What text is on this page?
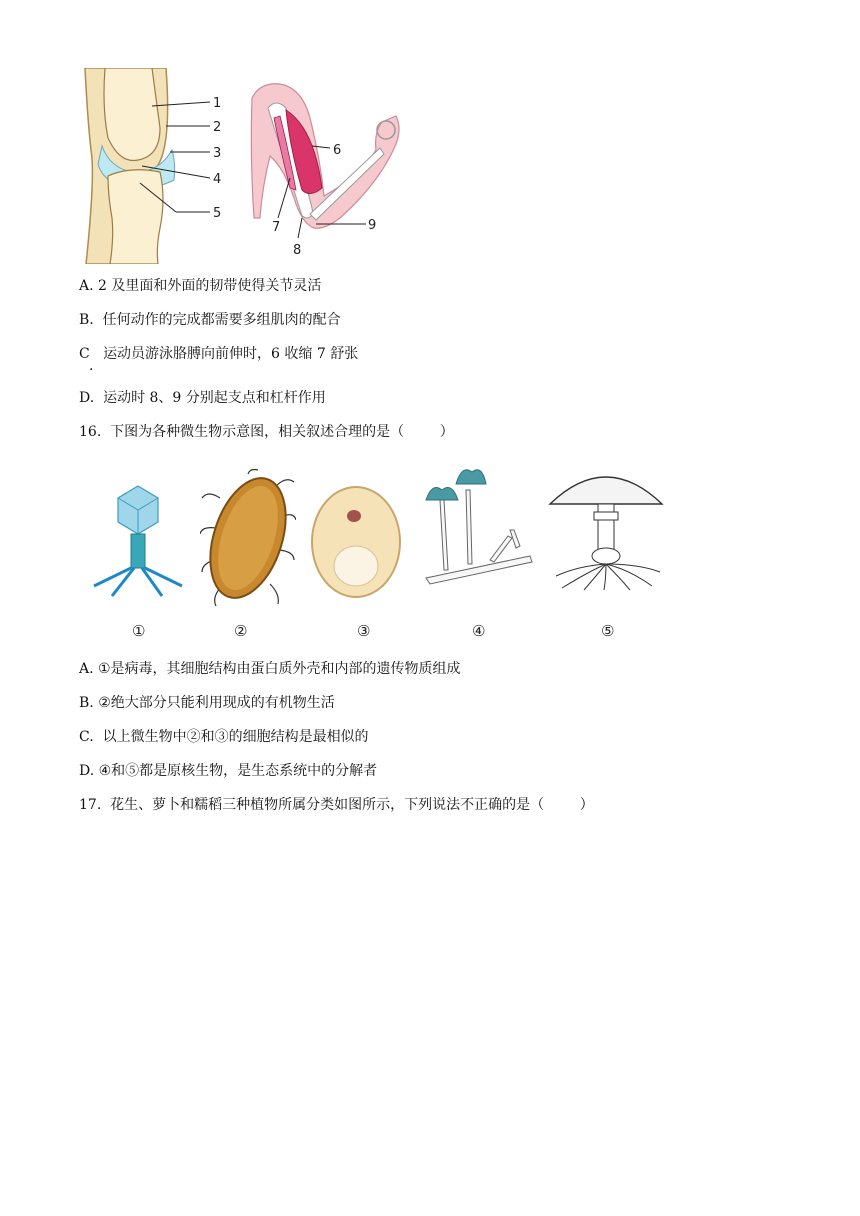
1
2
3
4
5
6
7
8
9
A. 2 及里面和外面的韧带使得关节灵活
B.  任何动作的完成都需要多组肌肉的配合
C   运动员游泳胳膊向前伸时，6 收缩 7 舒张
.
D.  运动时 8、9 分别起支点和杠杆作用
16.  下图为各种微生物示意图，相关叙述合理的是（        ）
①	②	③	④	⑤
A. ①是病毒，其细胞结构由蛋白质外壳和内部的遗传物质组成
B. ②绝大部分只能利用现成的有机物生活
C.  以上微生物中②和③的细胞结构是最相似的
D. ④和⑤都是原核生物，是生态系统中的分解者
17.  花生、萝卜和糯稻三种植物所属分类如图所示，下列说法不正确的是（        ）
